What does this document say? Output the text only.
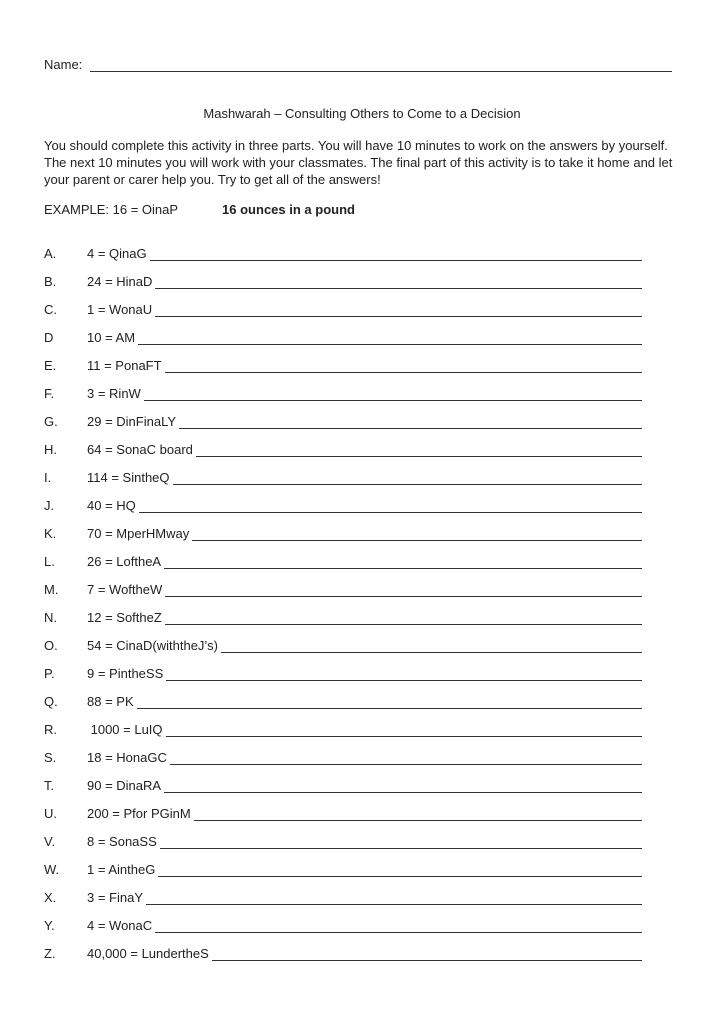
Name:
Mashwarah – Consulting Others to Come to a Decision

You should complete this activity in three parts. You will have 10 minutes to work on the answers by yourself. The next 10 minutes you will work with your classmates. The final part of this activity is to take it home and let your parent or carer help you. Try to get all of the answers!

EXAMPLE: 16 = OinaP	16 ounces in a pound
A.	4 = QinaG
B.	24 = HinaD
C.	1 = WonaU
D	10 = AM
E.	11 = PonaFT
F.	3 = RinW
G.	29 = DinFinaLY
H.	64 = SonaC board
I.	114 = SintheQ
J.	40 = HQ
K.	70 = MperHMway
L.	26 = LoftheA
M.	7 = WoftheW
N.	12 = SoftheZ
O.	54 = CinaD(withtheJ’s)
P.	9 = PintheSS
Q.	88 = PK
R.	1000 = LuIQ
S.	18 = HonaGC
T.	90 = DinaRA
U.	200 = Pfor PGinM
V.	8 = SonaSS
W.	1 = AintheG
X.	3 = FinaY
Y.	4 = WonaC
Z.	40,000 = LundertheS
